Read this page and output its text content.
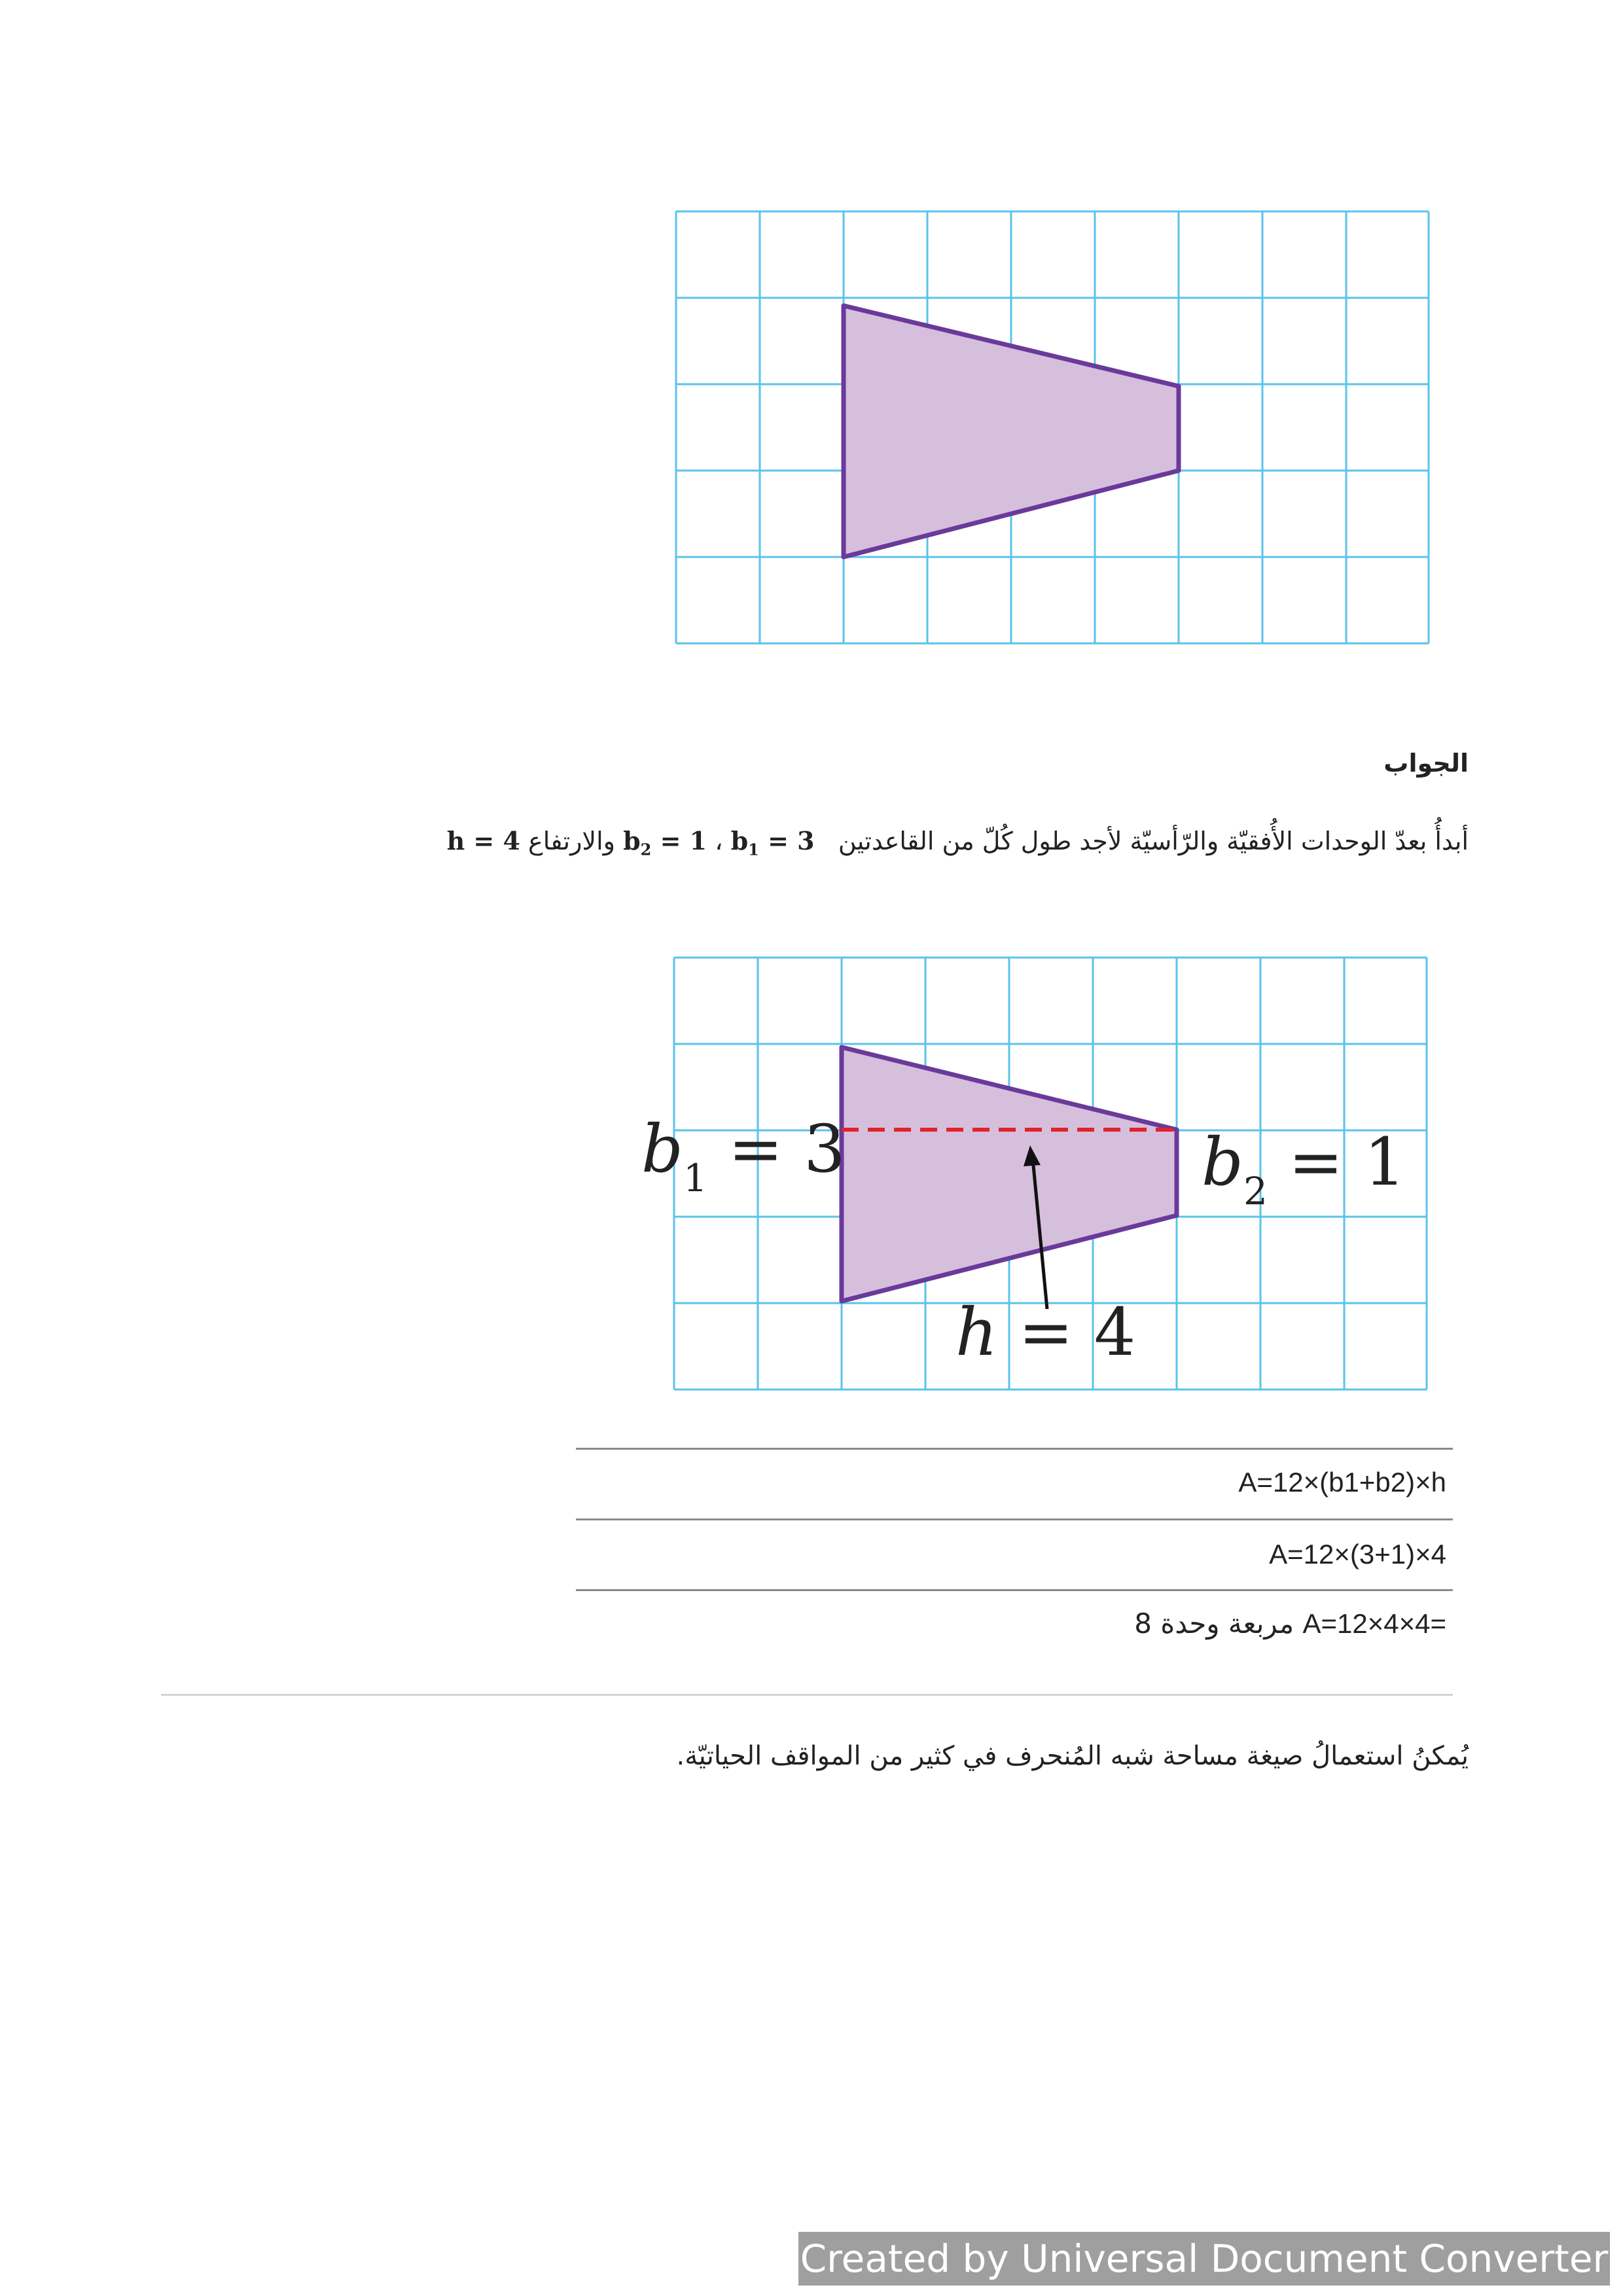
الجواب
أبدأُ بعدّ الوحدات الأُفقيّة والرّأسيّة لأجد طول كُلّ من القاعدتين   $b_1 = 3$ ، $b_2 = 1$ والارتفاع h = 4
$b_1 = 3$	$b_2 = 1$
h = 4
A=12×(b1+b2)×h
A=12×(3+1)×4
A=12×4×4= مربعة وحدة 8
يُمكنُ استعمالُ صيغة مساحة شبه المُنحرف في كثير من المواقف الحياتيّة.
Created by Universal Document Converter
